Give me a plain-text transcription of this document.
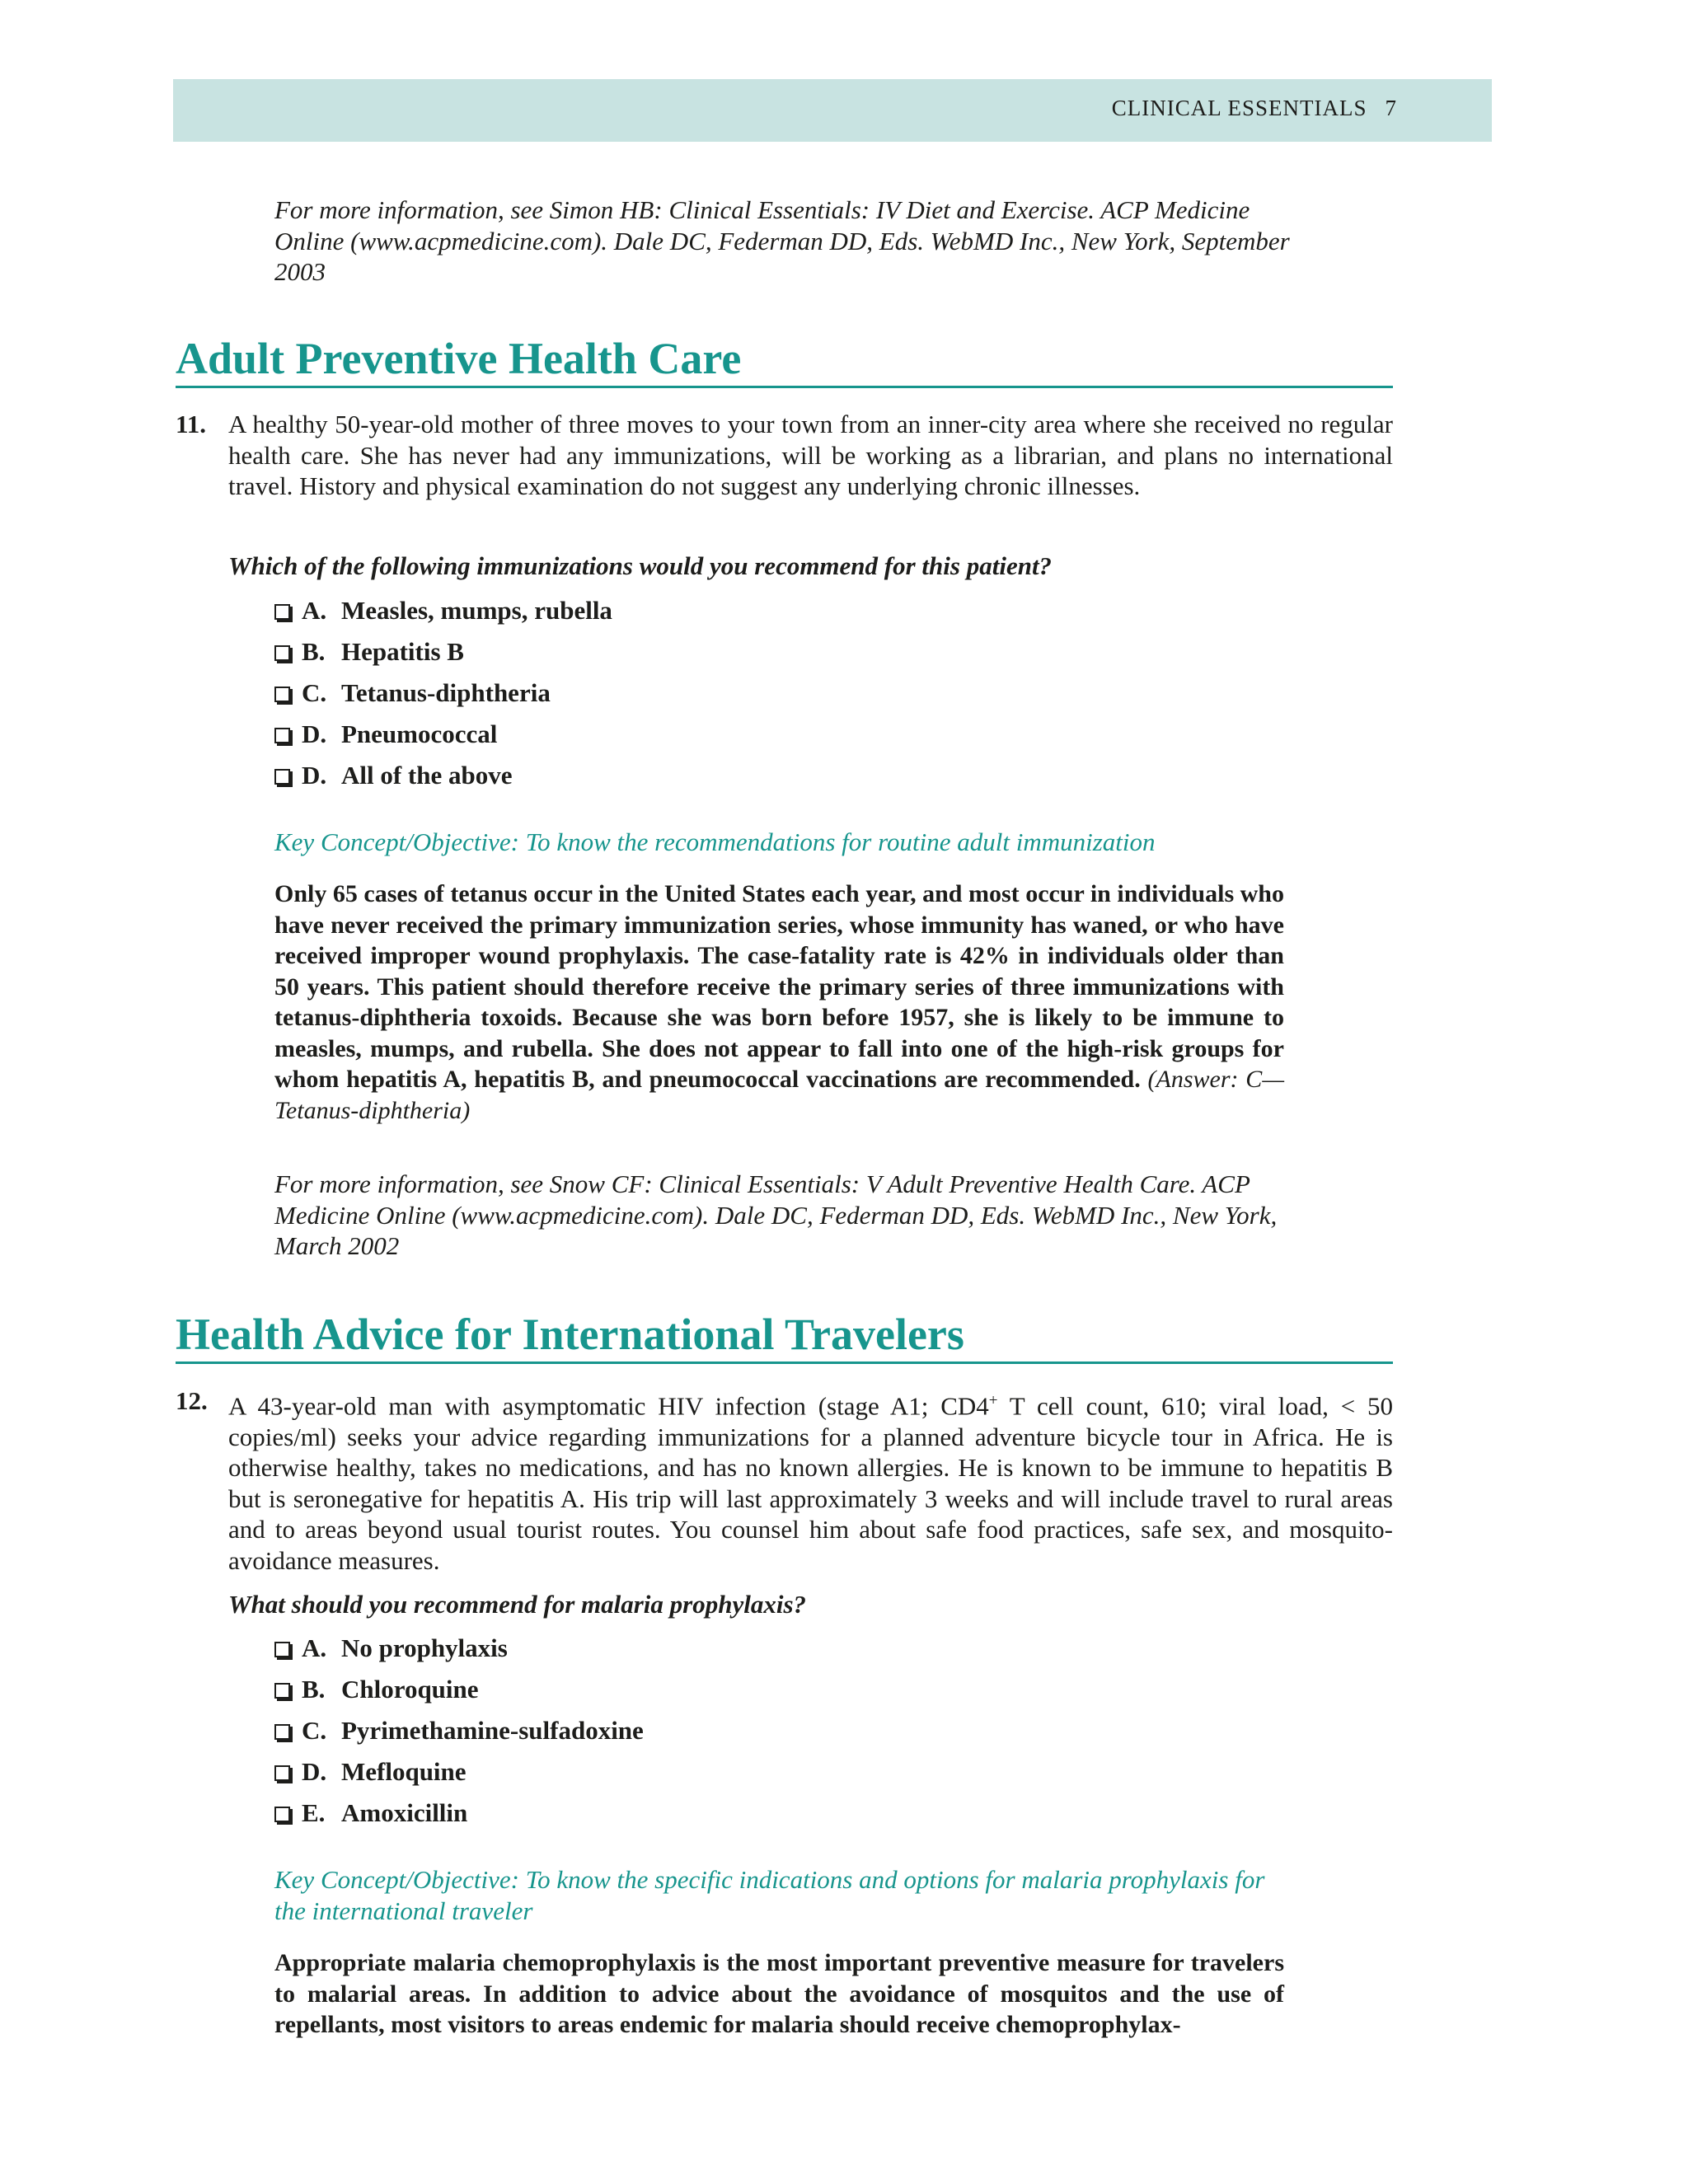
CLINICAL ESSENTIALS 7
For more information, see Simon HB: Clinical Essentials: IV Diet and Exercise. ACP Medicine Online (www.acpmedicine.com). Dale DC, Federman DD, Eds. WebMD Inc., New York, September 2003
Adult Preventive Health Care
11. A healthy 50-year-old mother of three moves to your town from an inner-city area where she received no regular health care. She has never had any immunizations, will be working as a librarian, and plans no international travel. History and physical examination do not suggest any underlying chronic illnesses.
Which of the following immunizations would you recommend for this patient?
A. Measles, mumps, rubella
B. Hepatitis B
C. Tetanus-diphtheria
D. Pneumococcal
D. All of the above
Key Concept/Objective: To know the recommendations for routine adult immunization
Only 65 cases of tetanus occur in the United States each year, and most occur in individuals who have never received the primary immunization series, whose immunity has waned, or who have received improper wound prophylaxis. The case-fatality rate is 42% in individuals older than 50 years. This patient should therefore receive the primary series of three immunizations with tetanus-diphtheria toxoids. Because she was born before 1957, she is likely to be immune to measles, mumps, and rubella. She does not appear to fall into one of the high-risk groups for whom hepatitis A, hepatitis B, and pneumococcal vaccinations are recommended. (Answer: C—Tetanus-diphtheria)
For more information, see Snow CF: Clinical Essentials: V Adult Preventive Health Care. ACP Medicine Online (www.acpmedicine.com). Dale DC, Federman DD, Eds. WebMD Inc., New York, March 2002
Health Advice for International Travelers
12. A 43-year-old man with asymptomatic HIV infection (stage A1; CD4+ T cell count, 610; viral load, < 50 copies/ml) seeks your advice regarding immunizations for a planned adventure bicycle tour in Africa. He is otherwise healthy, takes no medications, and has no known allergies. He is known to be immune to hepatitis B but is seronegative for hepatitis A. His trip will last approximately 3 weeks and will include travel to rural areas and to areas beyond usual tourist routes. You counsel him about safe food practices, safe sex, and mosquito-avoidance measures.
What should you recommend for malaria prophylaxis?
A. No prophylaxis
B. Chloroquine
C. Pyrimethamine-sulfadoxine
D. Mefloquine
E. Amoxicillin
Key Concept/Objective: To know the specific indications and options for malaria prophylaxis for the international traveler
Appropriate malaria chemoprophylaxis is the most important preventive measure for travelers to malarial areas. In addition to advice about the avoidance of mosquitos and the use of repellants, most visitors to areas endemic for malaria should receive chemoprophylax-
